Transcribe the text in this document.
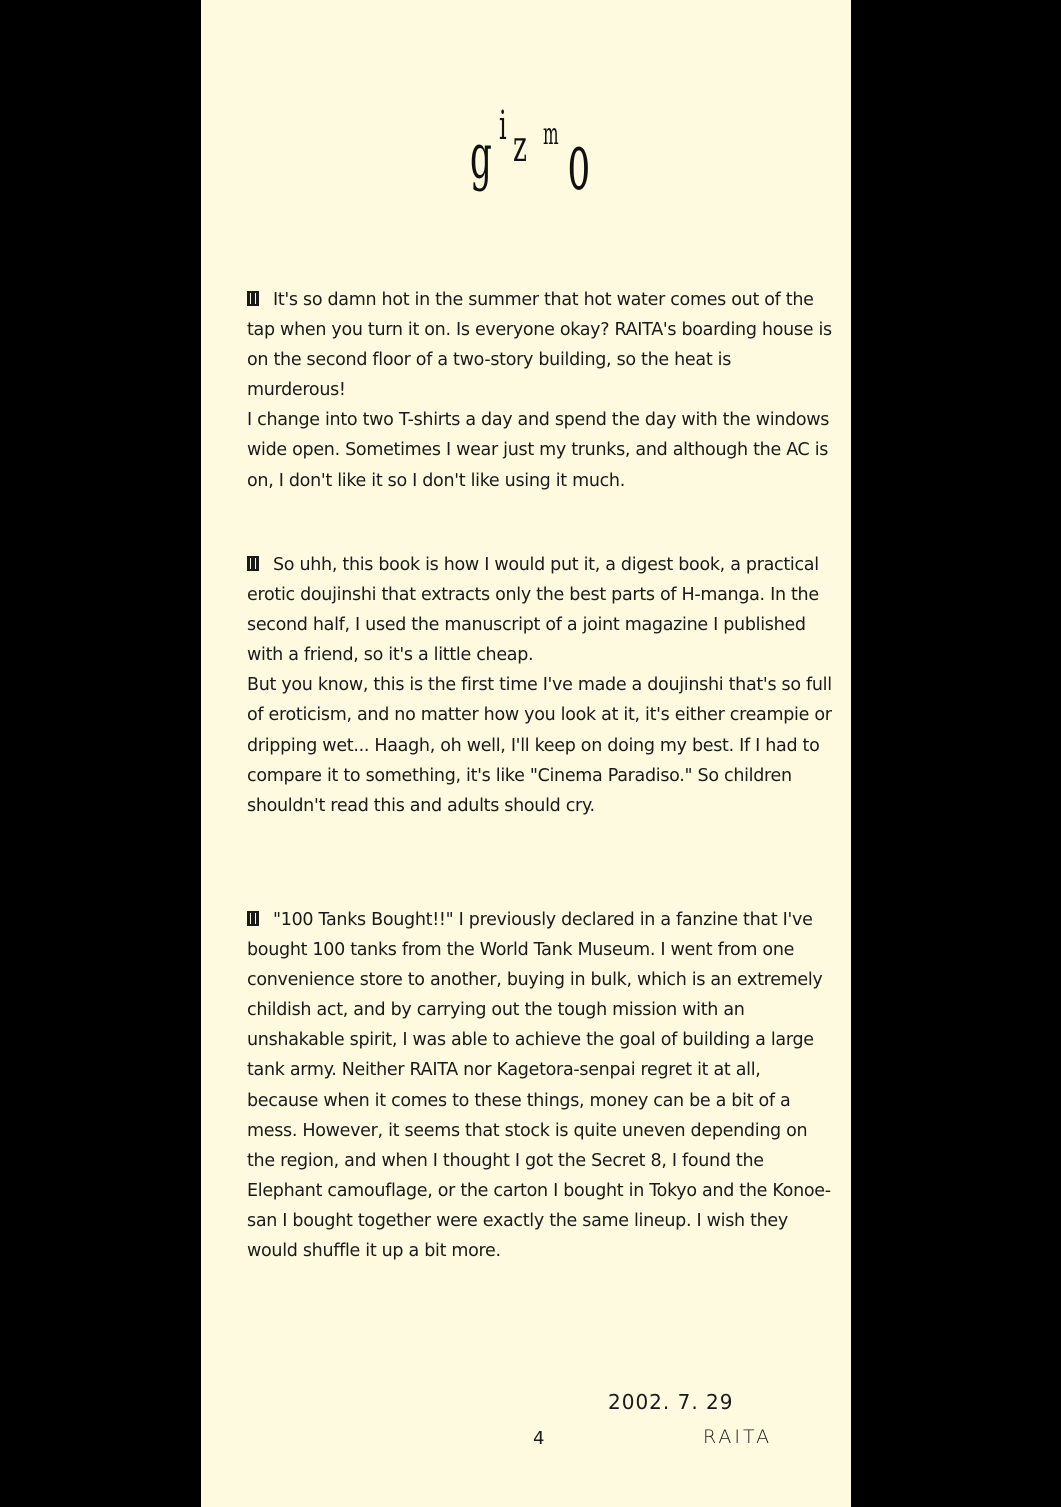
g i z m o

It's so damn hot in the summer that hot water comes out of the tap when you turn it on. Is everyone okay? RAITA's boarding house is on the second floor of a two-story building, so the heat is murderous!

I change into two T-shirts a day and spend the day with the windows wide open. Sometimes I wear just my trunks, and although the AC is on, I don't like it so I don't like using it much.

So uhh, this book is how I would put it, a digest book, a practical erotic doujinshi that extracts only the best parts of H-manga. In the second half, I used the manuscript of a joint magazine I published with a friend, so it's a little cheap.

But you know, this is the first time I've made a doujinshi that's so full of eroticism, and no matter how you look at it, it's either creampie or dripping wet... Haagh, oh well, I'll keep on doing my best. If I had to compare it to something, it's like "Cinema Paradiso." So children shouldn't read this and adults should cry.

"100 Tanks Bought!!" I previously declared in a fanzine that I've bought 100 tanks from the World Tank Museum. I went from one convenience store to another, buying in bulk, which is an extremely childish act, and by carrying out the tough mission with an unshakable spirit, I was able to achieve the goal of building a large tank army. Neither RAITA nor Kagetora-senpai regret it at all, because when it comes to these things, money can be a bit of a mess. However, it seems that stock is quite uneven depending on the region, and when I thought I got the Secret 8, I found the Elephant camouflage, or the carton I bought in Tokyo and the Konoe-san I bought together were exactly the same lineup. I wish they would shuffle it up a bit more.

2002. 7. 29
4	RAITA
